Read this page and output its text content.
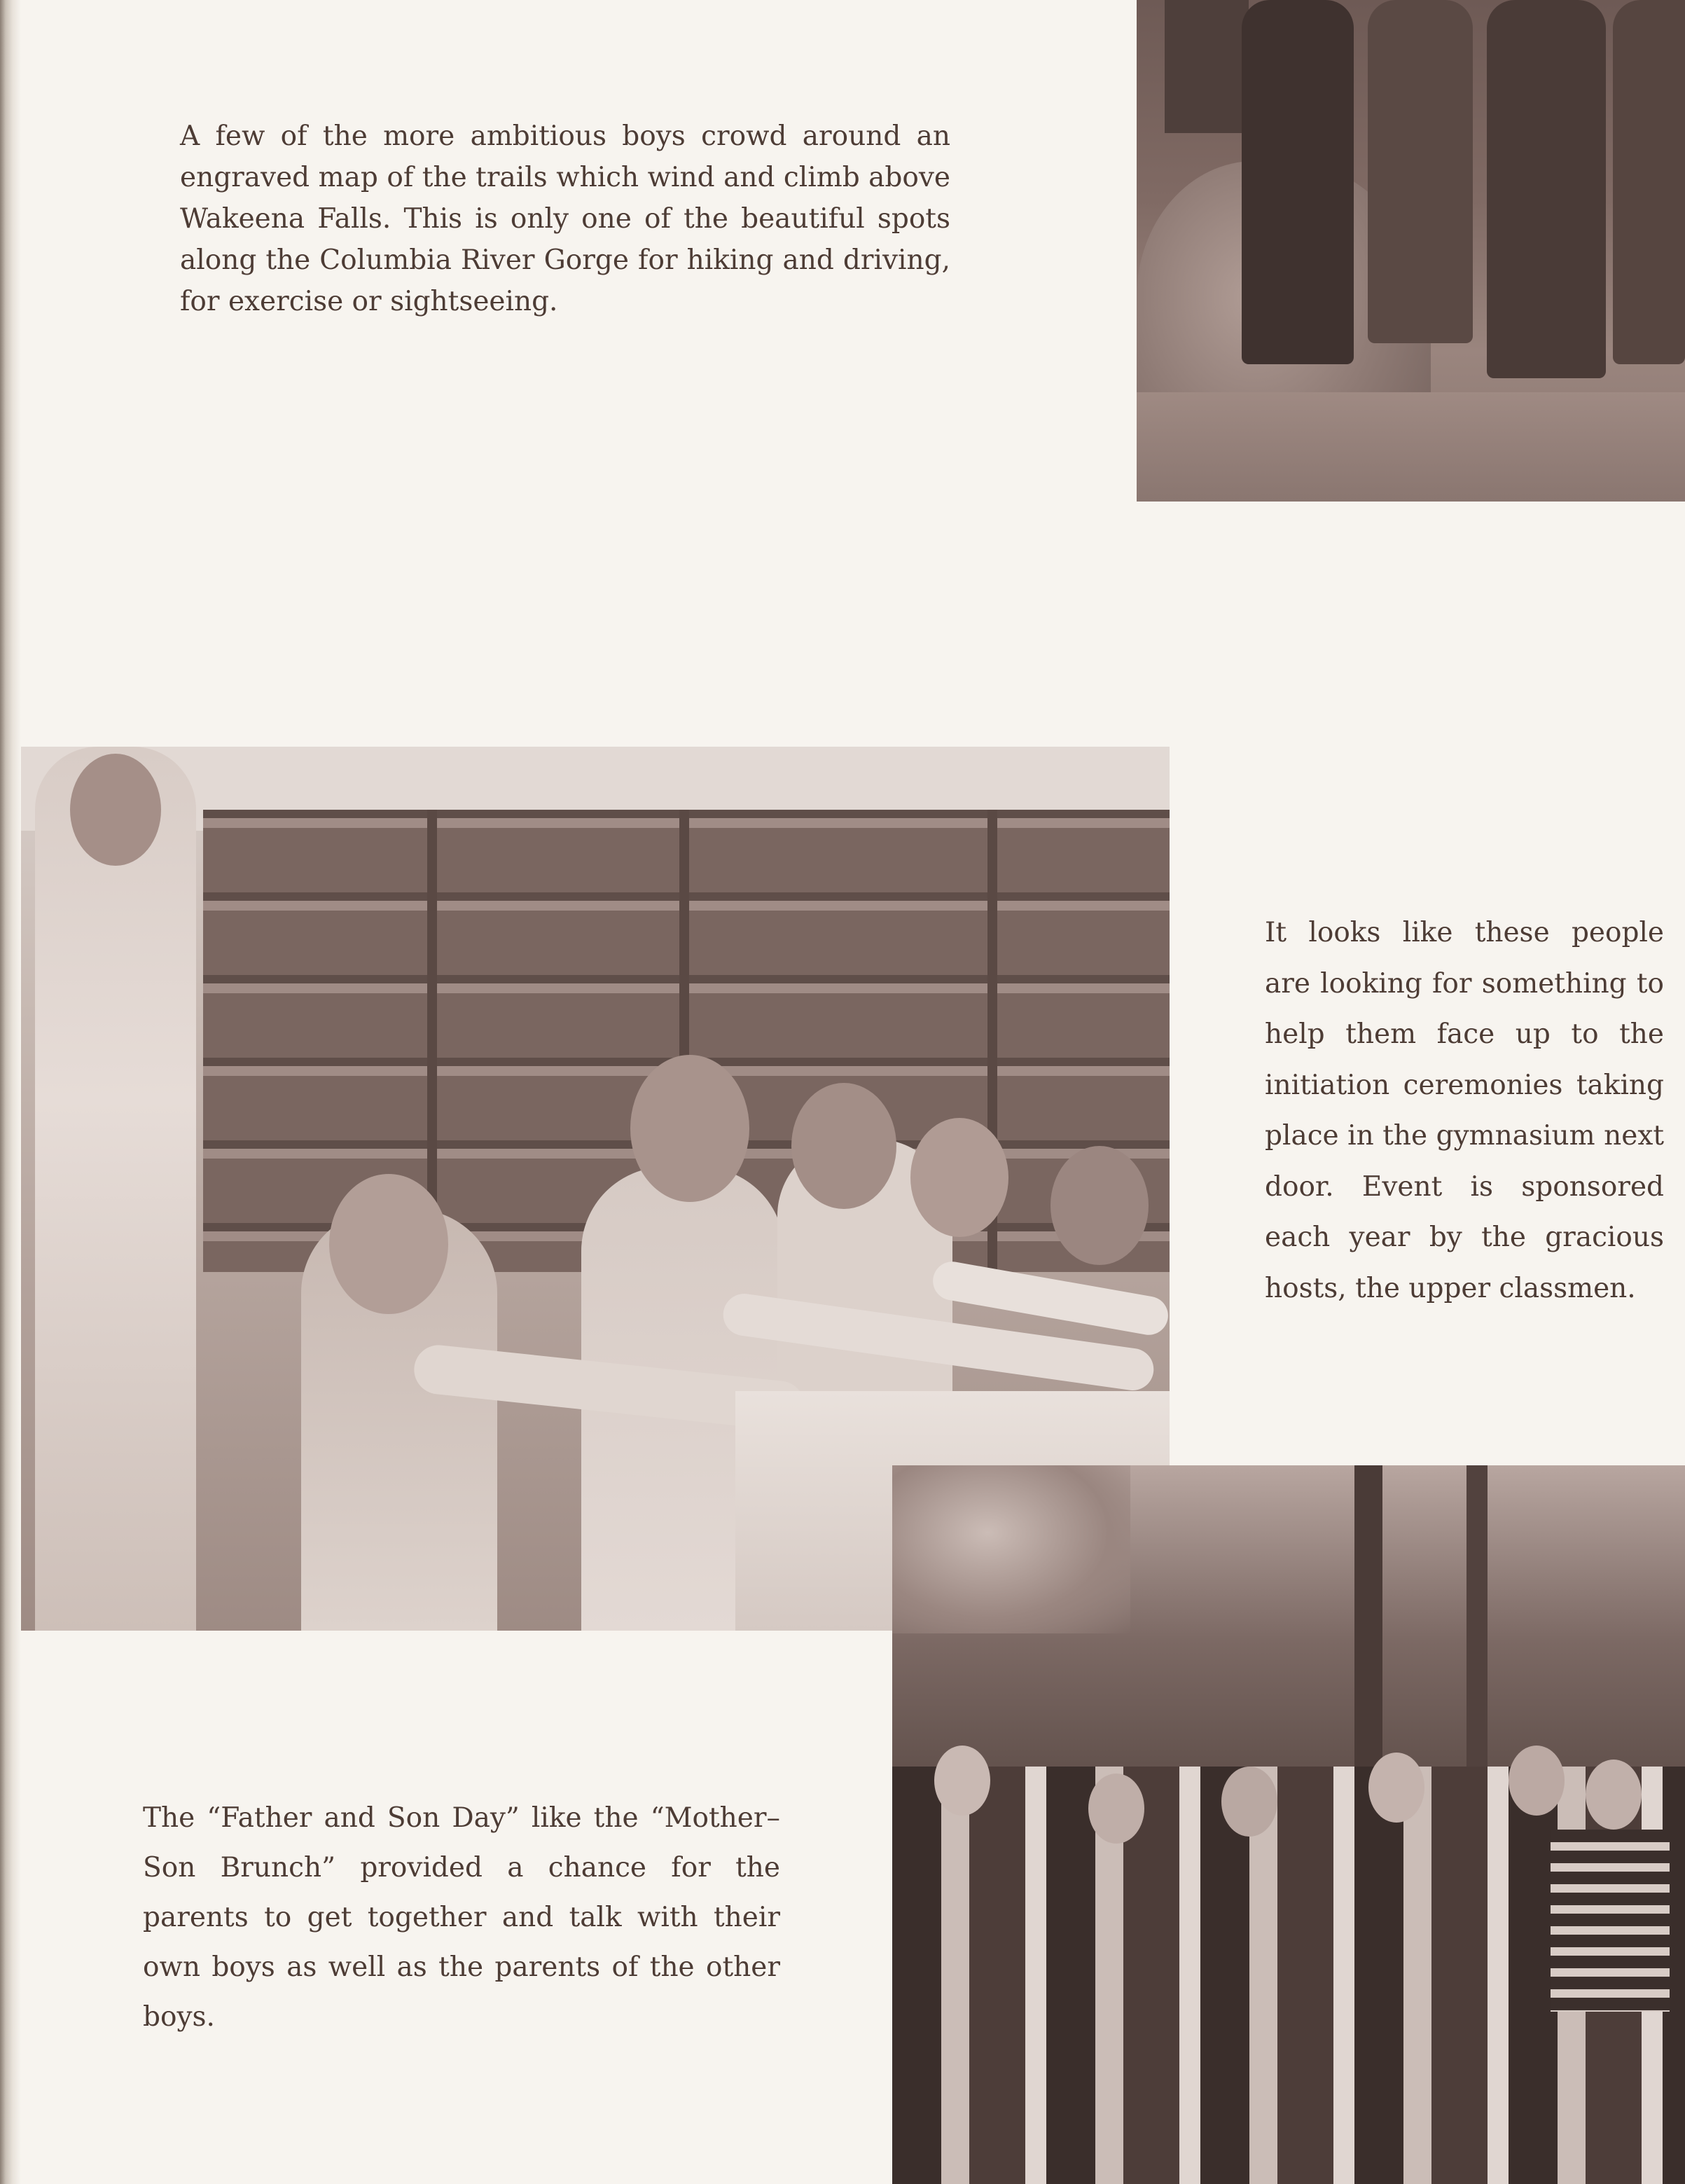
A few of the more ambitious boys crowd around an engraved map of the trails which wind and climb above Wakeena Falls. This is only one of the beautiful spots along the Columbia River Gorge for hiking and driving, for exercise or sightseeing.

It looks like these people are looking for something to help them face up to the initiation ceremonies taking place in the gymnasium next door. Event is sponsored each year by the gracious hosts, the upper classmen.

The “Father and Son Day” like the “Mother–Son Brunch” provided a chance for the parents to get together and talk with their own boys as well as the parents of the other boys.
